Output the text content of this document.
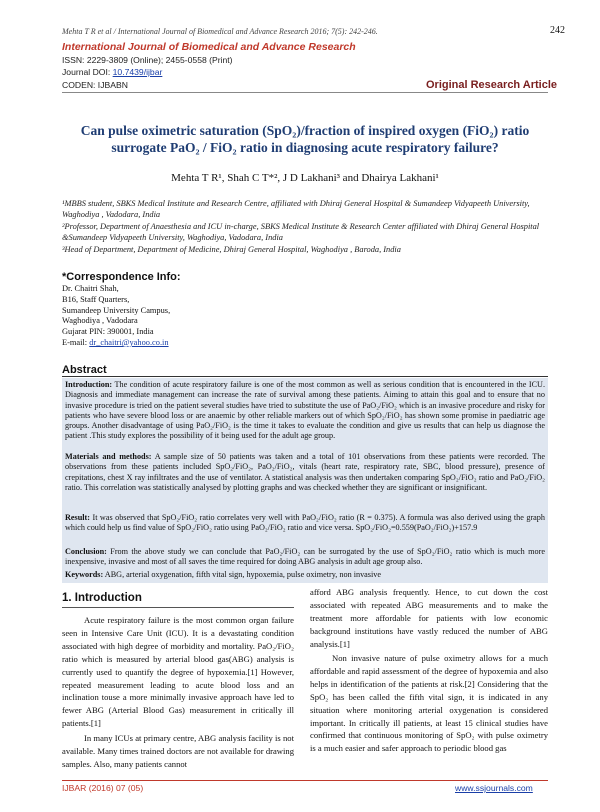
Mehta T R et al / International Journal of Biomedical and Advance Research 2016; 7(5): 242-246.	242
International Journal of Biomedical and Advance Research
ISSN: 2229-3809 (Online); 2455-0558 (Print)
Journal DOI: 10.7439/ijbar
CODEN: IJBABN	Original Research Article
Can pulse oximetric saturation (SpO₂)/fraction of inspired oxygen (FiO₂) ratio
surrogate PaO₂ / FiO₂ ratio in diagnosing acute respiratory failure?
Mehta T R¹, Shah C T*², J D Lakhani³ and Dhairya Lakhani¹
¹MBBS student, SBKS Medical Institute and Research Centre, affiliated with Dhiraj General Hospital & Sumandeep Vidyapeeth University, Waghodiya , Vadodara, India
²Professor, Department of Anaesthesia and ICU in-charge, SBKS Medical Institute & Research Center affiliated with Dhiraj General Hospital &Sumandeep Vidyapeeth University, Waghodiya, Vadodara, India
³Head of Department, Department of Medicine, Dhiraj General Hospital, Waghodiya , Baroda, India
*Correspondence Info:
Dr. Chaitri Shah,
B16, Staff Quarters,
Sumandeep University Campus,
Waghodiya , Vadodara
Gujarat PIN: 390001, India
E-mail: dr_chaitri@yahoo.co.in
Abstract
Introduction: The condition of acute respiratory failure is one of the most common as well as serious condition that is encountered in the ICU. Diagnosis and immediate management can increase the rate of survival among these patients. Aiming to attain this goal and to ensure that no invasive procedure is tried on the patient several studies have tried to substitute the use of PaO₂/FiO₂ which is an invasive procedure and risky for patients who have severe blood loss or are anaemic by other reliable markers out of which SpO₂/FiO₂ has shown some promise in paediatric age groups. Another disadvantage of using PaO₂/FiO₂ is the time it takes to evaluate the condition and give us results that can help us diagnose the patient .This study explores the possibility of it being used for the adult age group.
Materials and methods: A sample size of 50 patients was taken and a total of 101 observations from these patients were recorded. The observations from these patients included SpO₂/FiO₂, PaO₂/FiO₂, vitals (heart rate, respiratory rate, SBC, blood pressure), presence of crepitations, chest X ray infiltrates and the use of ventilator. A statistical analysis was then undertaken comparing SpO₂/FiO₂ ratio and PaO₂/FiO₂ ratio. This correlation was statistically analysed by plotting graphs and was checked whether they are significant or insignificant.
Result: It was observed that SpO₂/FiO₂ ratio correlates very well with PaO₂/FiO₂ ratio (R = 0.375). A formula was also derived using the graph which could help us find value of SpO₂/FiO₂ ratio using PaO₂/FiO₂ ratio and vice versa. SpO₂/FiO₂=0.559(PaO₂/FiO₂)+157.9
Conclusion: From the above study we can conclude that PaO₂/FiO₂ can be surrogated by the use of SpO₂/FiO₂ ratio which is much more inexpensive, invasive and most of all saves the time required for doing ABG analysis in adult age group also.
Keywords: ABG, arterial oxygenation, fifth vital sign, hypoxemia, pulse oximetry, non invasive
1. Introduction
Acute respiratory failure is the most common organ failure seen in Intensive Care Unit (ICU). It is a devastating condition associated with high degree of morbidity and mortality. PaO₂/FiO₂ ratio which is measured by arterial blood gas(ABG) analysis is currently used to quantify the degree of hypoxemia.[1] However, repeated measurement leading to acute blood loss and an inclination touse a more minimally invasive approach have led to fewer ABG (Arterial Blood Gas) measurement in critically ill patients.[1]
In many ICUs at primary centre, ABG analysis facility is not available. Many times trained doctors are not available for drawing samples. Also, many patients cannot
afford ABG analysis frequently. Hence, to cut down the cost associated with repeated ABG measurements and to make the treatment more affordable for patients with low economic background institutions have vastly reduced the number of ABG analysis.[1]
Non invasive nature of pulse oximetry allows for a much affordable and rapid assessment of the degree of hypoxemia and also helps in identification of the patients at risk.[2] Considering that the SpO₂ has been called the fifth vital sign, it is indicated in any situation where monitoring arterial oxygenation is considered important. In critically ill patients, at least 15 clinical studies have confirmed that continuous monitoring of SpO₂ with pulse oximetry is a much easier and safer approach to periodic blood gas
IJBAR (2016) 07 (05)	www.ssjournals.com
